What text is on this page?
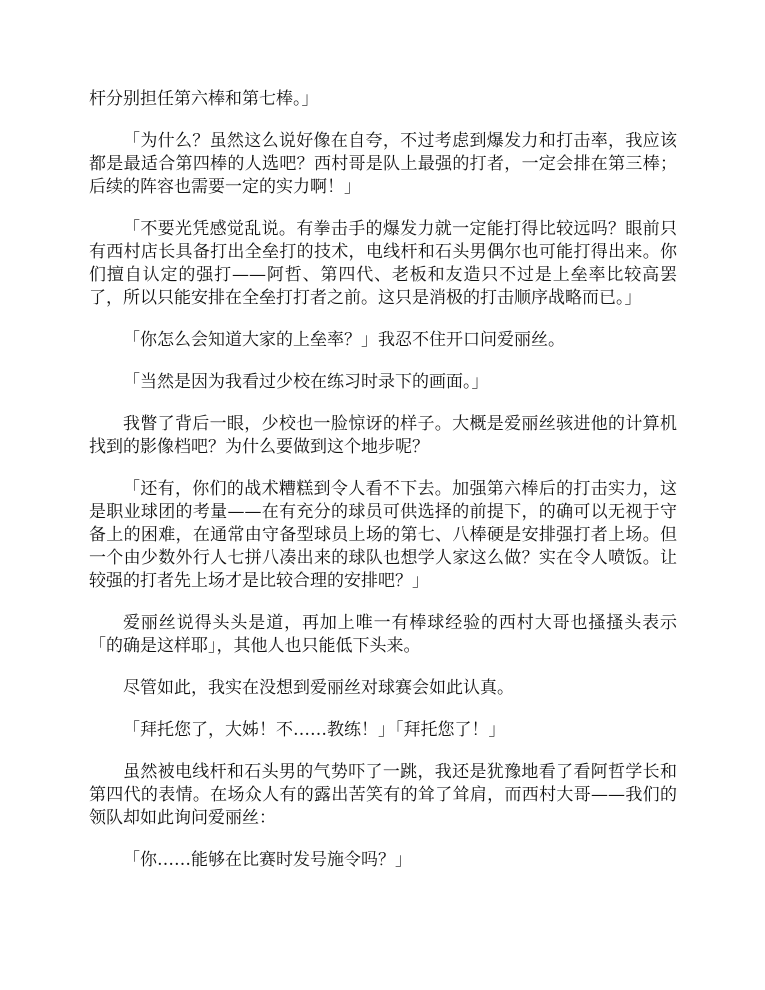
杆分别担任第六棒和第七棒。」

「为什么？虽然这么说好像在自夸，不过考虑到爆发力和打击率，我应该都是最适合第四棒的人选吧？西村哥是队上最强的打者，一定会排在第三棒；后续的阵容也需要一定的实力啊！」

「不要光凭感觉乱说。有拳击手的爆发力就一定能打得比较远吗？眼前只有西村店长具备打出全垒打的技术，电线杆和石头男偶尔也可能打得出来。你们擅自认定的强打——阿哲、第四代、老板和友造只不过是上垒率比较高罢了，所以只能安排在全垒打打者之前。这只是消极的打击顺序战略而已。」

「你怎么会知道大家的上垒率？」我忍不住开口问爱丽丝。

「当然是因为我看过少校在练习时录下的画面。」

我瞥了背后一眼，少校也一脸惊讶的样子。大概是爱丽丝骇进他的计算机找到的影像档吧？为什么要做到这个地步呢？

「还有，你们的战术糟糕到令人看不下去。加强第六棒后的打击实力，这是职业球团的考量——在有充分的球员可供选择的前提下，的确可以无视于守备上的困难，在通常由守备型球员上场的第七、八棒硬是安排强打者上场。但一个由少数外行人七拼八凑出来的球队也想学人家这么做？实在令人喷饭。让较强的打者先上场才是比较合理的安排吧？」

爱丽丝说得头头是道，再加上唯一有棒球经验的西村大哥也搔搔头表示「的确是这样耶」，其他人也只能低下头来。

尽管如此，我实在没想到爱丽丝对球赛会如此认真。

「拜托您了，大姊！不……教练！」「拜托您了！」

虽然被电线杆和石头男的气势吓了一跳，我还是犹豫地看了看阿哲学长和第四代的表情。在场众人有的露出苦笑有的耸了耸肩，而西村大哥——我们的领队却如此询问爱丽丝：

「你……能够在比赛时发号施令吗？」
